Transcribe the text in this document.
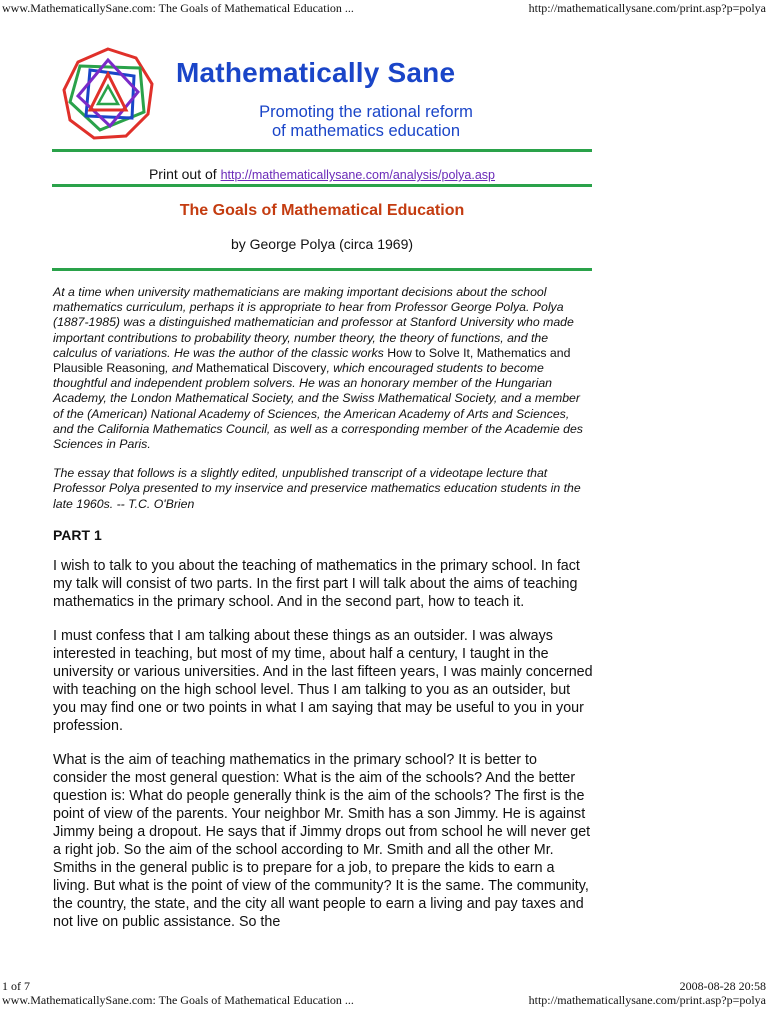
www.MathematicallySane.com: The Goals of Mathematical Education ...	http://mathematicallysane.com/print.asp?p=polya
Mathematically Sane
Promoting the rational reform
of mathematics education
Print out of http://mathematicallysane.com/analysis/polya.asp
The Goals of Mathematical Education
by George Polya (circa 1969)

At a time when university mathematicians are making important decisions about the school mathematics curriculum, perhaps it is appropriate to hear from Professor George Polya. Polya (1887-1985) was a distinguished mathematician and professor at Stanford University who made important contributions to probability theory, number theory, the theory of functions, and the calculus of variations. He was the author of the classic works How to Solve It, Mathematics and Plausible Reasoning, and Mathematical Discovery, which encouraged students to become thoughtful and independent problem solvers. He was an honorary member of the Hungarian Academy, the London Mathematical Society, and the Swiss Mathematical Society, and a member of the (American) National Academy of Sciences, the American Academy of Arts and Sciences, and the California Mathematics Council, as well as a corresponding member of the Academie des Sciences in Paris.

The essay that follows is a slightly edited, unpublished transcript of a videotape lecture that Professor Polya presented to my inservice and preservice mathematics education students in the late 1960s. -- T.C. O'Brien

PART 1

I wish to talk to you about the teaching of mathematics in the primary school. In fact my talk will consist of two parts. In the first part I will talk about the aims of teaching mathematics in the primary school. And in the second part, how to teach it.

I must confess that I am talking about these things as an outsider. I was always interested in teaching, but most of my time, about half a century, I taught in the university or various universities. And in the last fifteen years, I was mainly concerned with teaching on the high school level. Thus I am talking to you as an outsider, but you may find one or two points in what I am saying that may be useful to you in your profession.

What is the aim of teaching mathematics in the primary school? It is better to consider the most general question: What is the aim of the schools? And the better question is: What do people generally think is the aim of the schools? The first is the point of view of the parents. Your neighbor Mr. Smith has a son Jimmy. He is against Jimmy being a dropout. He says that if Jimmy drops out from school he will never get a right job. So the aim of the school according to Mr. Smith and all the other Mr. Smiths in the general public is to prepare for a job, to prepare the kids to earn a living. But what is the point of view of the community? It is the same. The community, the country, the state, and the city all want people to earn a living and pay taxes and not live on public assistance. So the

1 of 7	2008-08-28 20:58
www.MathematicallySane.com: The Goals of Mathematical Education ...	http://mathematicallysane.com/print.asp?p=polya
